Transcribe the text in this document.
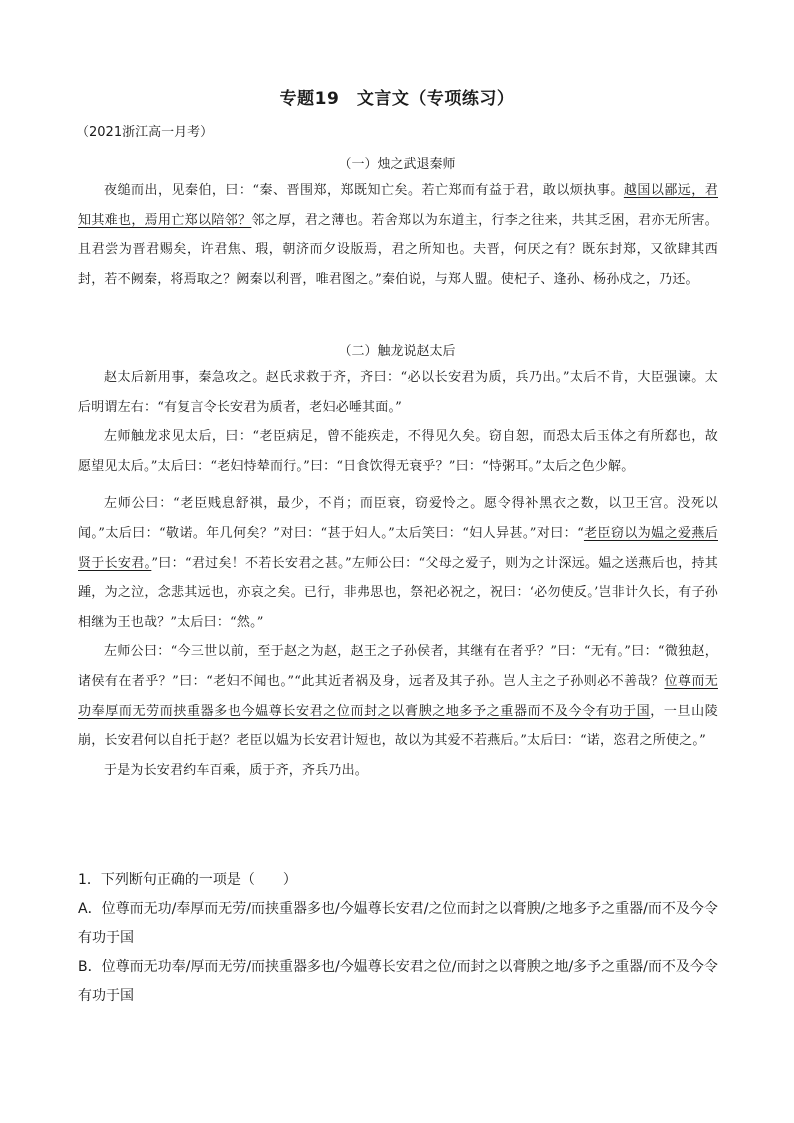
专题19　文言文（专项练习）
（2021浙江高一月考）
（一）烛之武退秦师

夜缒而出，见秦伯，曰：“秦、晋围郑，郑既知亡矣。若亡郑而有益于君，敢以烦执事。越国以鄙远，君知其难也，焉用亡郑以陪邻？邻之厚，君之薄也。若舍郑以为东道主，行李之往来，共其乏困，君亦无所害。且君尝为晋君赐矣，许君焦、瑕，朝济而夕设版焉，君之所知也。夫晋，何厌之有？既东封郑，又欲肆其西封，若不阙秦，将焉取之？阙秦以利晋，唯君图之。”秦伯说，与郑人盟。使杞子、逢孙、杨孙戍之，乃还。

（二）触龙说赵太后

赵太后新用事，秦急攻之。赵氏求救于齐，齐曰：“必以长安君为质，兵乃出。”太后不肯，大臣强谏。太后明谓左右：“有复言令长安君为质者，老妇必唾其面。”

左师触龙求见太后，曰：“老臣病足，曾不能疾走，不得见久矣。窃自恕，而恐太后玉体之有所郄也，故愿望见太后。”太后曰：“老妇恃辇而行。”曰：“日食饮得无衰乎？”曰：“恃粥耳。”太后之色少解。

左师公曰：“老臣贱息舒祺，最少，不肖；而臣衰，窃爱怜之。愿令得补黑衣之数，以卫王宫。没死以闻。”太后曰：“敬诺。年几何矣？”对曰：“甚于妇人。”太后笑曰：“妇人异甚。”对曰：“老臣窃以为媪之爱燕后贤于长安君。”曰：“君过矣！不若长安君之甚。”左师公曰：“父母之爱子，则为之计深远。媪之送燕后也，持其踵，为之泣，念悲其远也，亦哀之矣。已行，非弗思也，祭祀必祝之，祝曰：‘必勿使反。’岂非计久长，有子孙相继为王也哉？”太后曰：“然。”

左师公曰：“今三世以前，至于赵之为赵，赵王之子孙侯者，其继有在者乎？”曰：“无有。”曰：“微独赵，诸侯有在者乎？”曰：“老妇不闻也。”“此其近者祸及身，远者及其子孙。岂人主之子孙则必不善哉？位尊而无功奉厚而无劳而挟重器多也今媪尊长安君之位而封之以膏腴之地多予之重器而不及今令有功于国，一旦山陵崩，长安君何以自托于赵？老臣以媪为长安君计短也，故以为其爱不若燕后。”太后曰：“诺，恣君之所使之。”

于是为长安君约车百乘，质于齐，齐兵乃出。

1．下列断句正确的一项是（　　）
A．位尊而无功/奉厚而无劳/而挟重器多也/今媪尊长安君/之位而封之以膏腴/之地多予之重器/而不及今令有功于国
B．位尊而无功奉/厚而无劳/而挟重器多也/今媪尊长安君之位/而封之以膏腴之地/多予之重器/而不及今令有功于国
